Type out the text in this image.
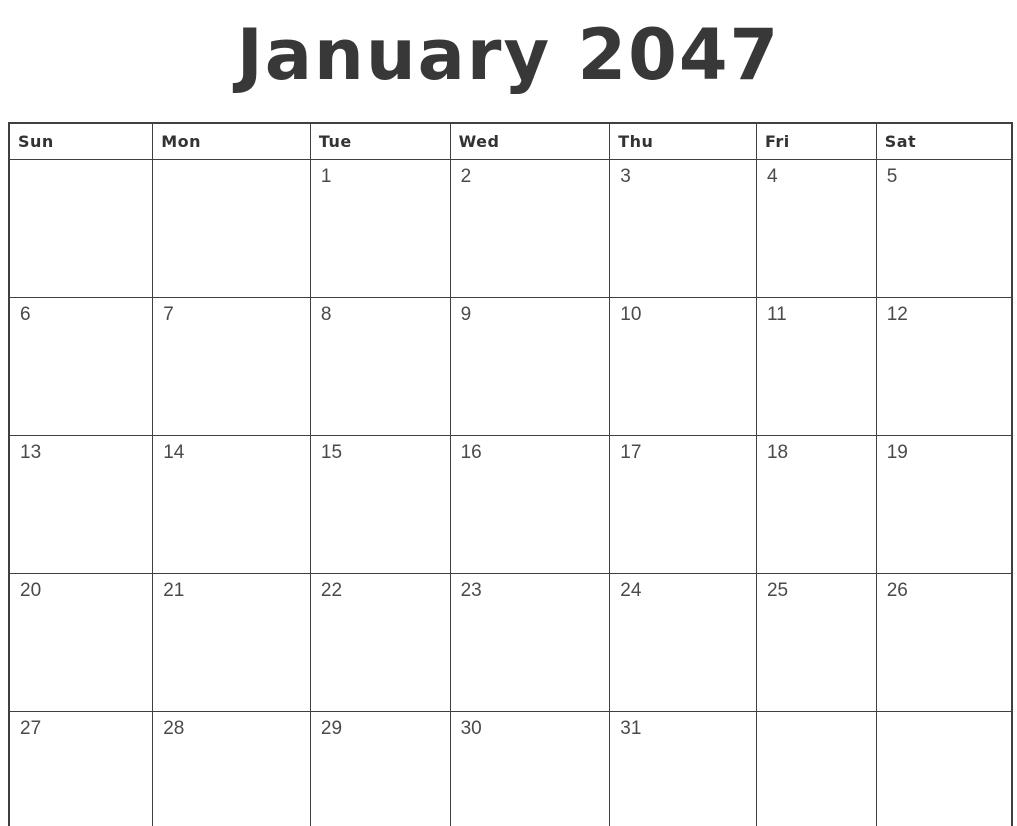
January 2047
Sun	Mon	Tue	Wed	Thu	Fri	Sat
		1	2	3	4	5
6	7	8	9	10	11	12
13	14	15	16	17	18	19
20	21	22	23	24	25	26
27	28	29	30	31		
